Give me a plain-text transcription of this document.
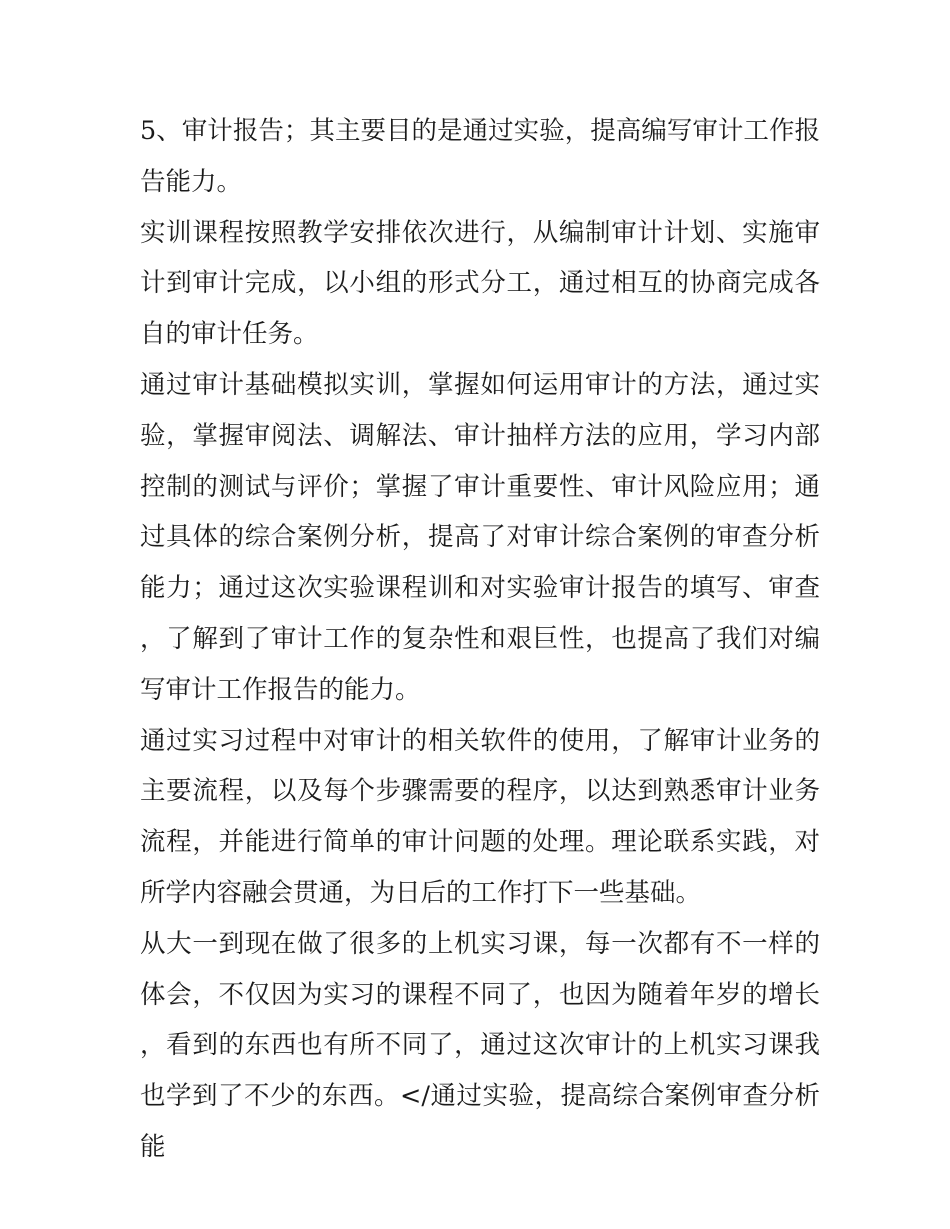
5、审计报告；其主要目的是通过实验，提高编写审计工作报告能力。

实训课程按照教学安排依次进行，从编制审计计划、实施审计到审计完成，以小组的形式分工，通过相互的协商完成各自的审计任务。

通过审计基础模拟实训，掌握如何运用审计的方法，通过实验，掌握审阅法、调解法、审计抽样方法的应用，学习内部控制的测试与评价；掌握了审计重要性、审计风险应用；通过具体的综合案例分析，提高了对审计综合案例的审查分析能力；通过这次实验课程训和对实验审计报告的填写、审查，了解到了审计工作的复杂性和艰巨性，也提高了我们对编写审计工作报告的能力。

通过实习过程中对审计的相关软件的使用，了解审计业务的主要流程，以及每个步骤需要的程序，以达到熟悉审计业务流程，并能进行简单的审计问题的处理。理论联系实践，对所学内容融会贯通，为日后的工作打下一些基础。

从大一到现在做了很多的上机实习课，每一次都有不一样的体会，不仅因为实习的课程不同了，也因为随着年岁的增长，看到的东西也有所不同了，通过这次审计的上机实习课我也学到了不少的东西。</通过实验，提高综合案例审查分析能
